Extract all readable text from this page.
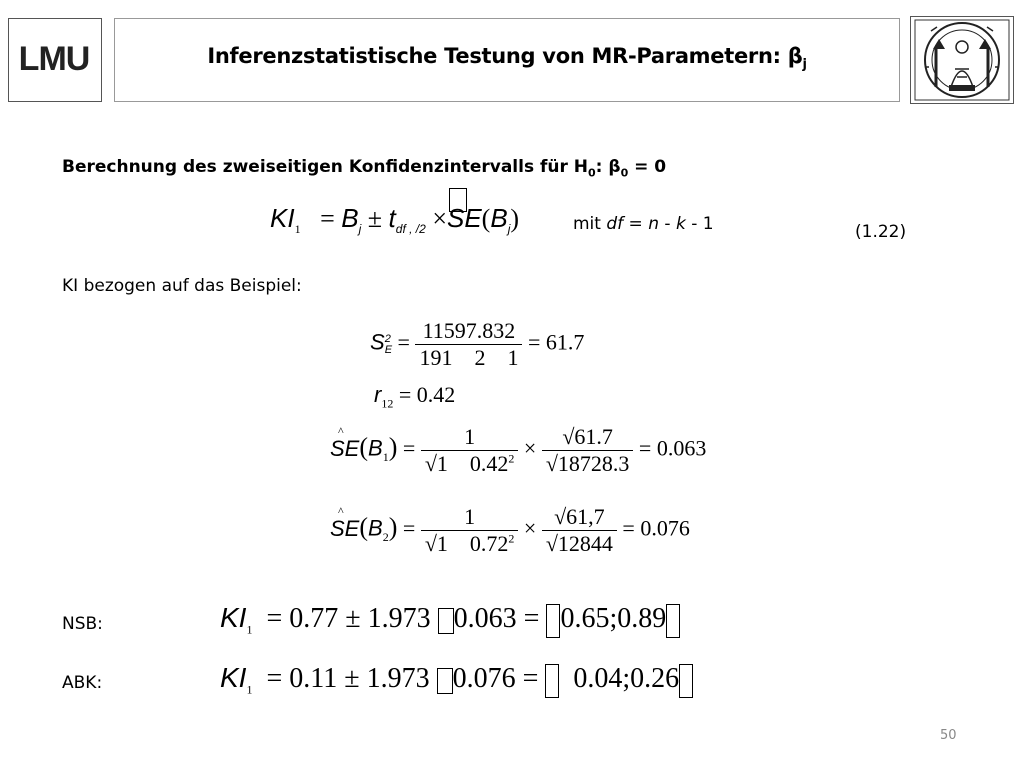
LMU	Inferenzstatistische Testung von MR-Parametern: $\beta_j$
Berechnung des zweiseitigen Konfidenzintervalls für $H_0$: $\beta_0 = 0$
$KI_1 = B_j \pm t_{df , /2}$ ×
$SE(B_j)$	mit df = n - k - 1	(1.22)
KI bezogen auf das Beispiel:
S 2
$E = \frac{11597.832}{191 2 1} = 61.7$
$r_{12} = 0.42$
^
$SE(B_1) = \frac{1}{√1 0.42^2} \times \frac{√61.7}{√18728.3} = 0.063$
^
$SE(B_2) = \frac{1}{√1 0.72^2} \times \frac{√61,7}{√12844} = 0.076$
NSB:	$KI_1 = 0.77 \pm 1.973$ 0.063 = 0.65;0.89
ABK:	$KI_1 = 0.11 \pm 1.973$ 0.076 =   0.04;0.26
50
